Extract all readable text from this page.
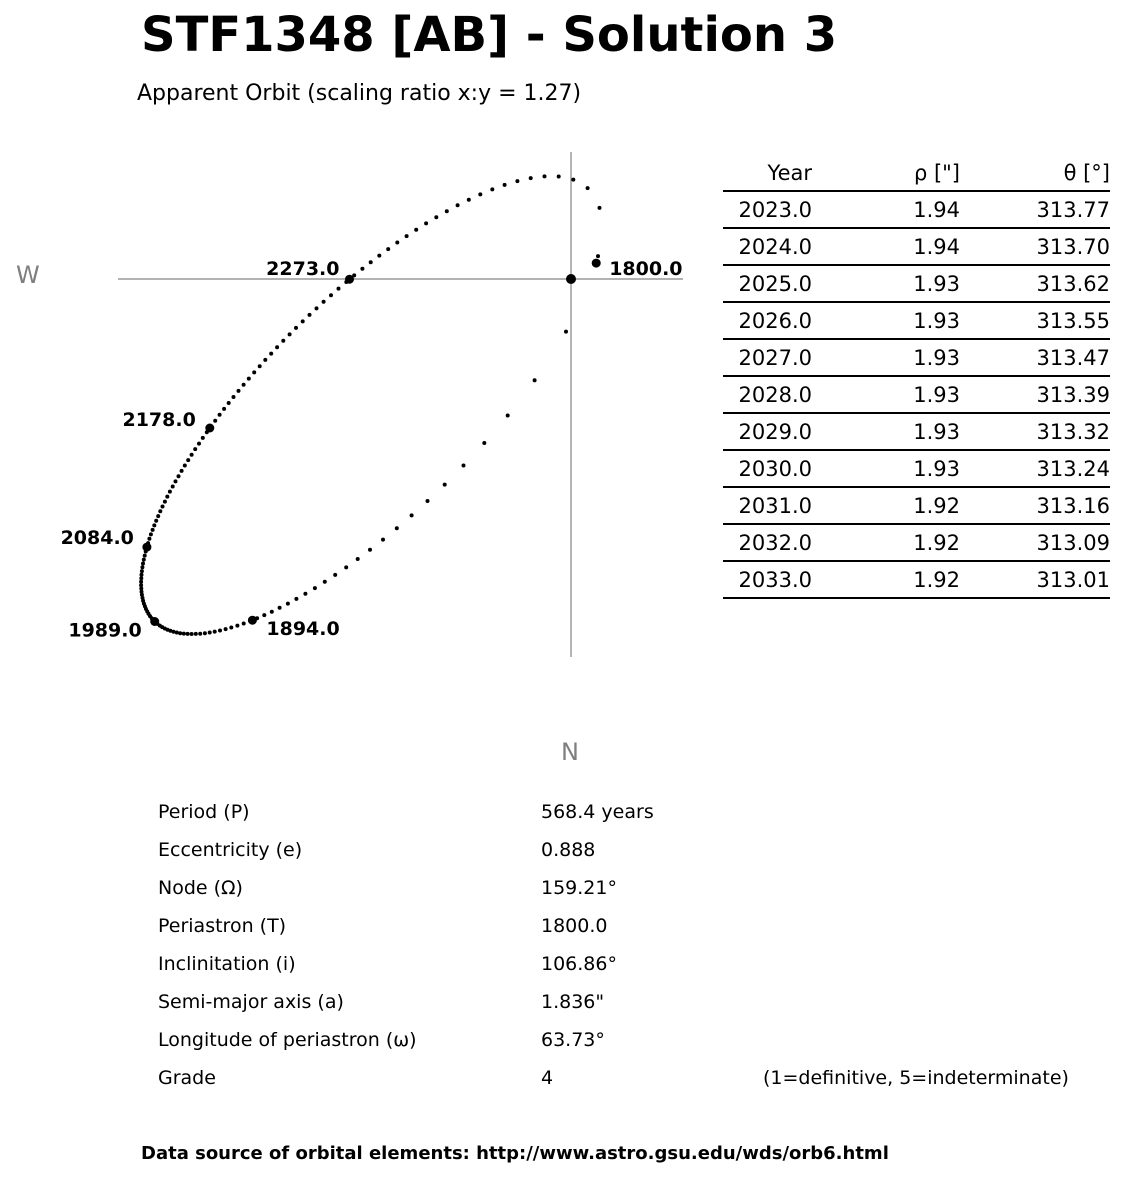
STF1348 [AB] - Solution 3
Apparent Orbit (scaling ratio x:y = 1.27)
1800.0
1894.0
1989.0
2084.0
2178.0
2273.0
W
N
Year	ρ ["]	θ [°]
2023.0	1.94	313.77
2024.0	1.94	313.70
2025.0	1.93	313.62
2026.0	1.93	313.55
2027.0	1.93	313.47
2028.0	1.93	313.39
2029.0	1.93	313.32
2030.0	1.93	313.24
2031.0	1.92	313.16
2032.0	1.92	313.09
2033.0	1.92	313.01
Period (P)	568.4 years
Eccentricity (e)	0.888
Node (Ω)	159.21°
Periastron (T)	1800.0
Inclinitation (i)	106.86°
Semi-major axis (a)	1.836"
Longitude of periastron (ω)	63.73°
Grade	4	(1=definitive, 5=indeterminate)
Data source of orbital elements: http://www.astro.gsu.edu/wds/orb6.html
